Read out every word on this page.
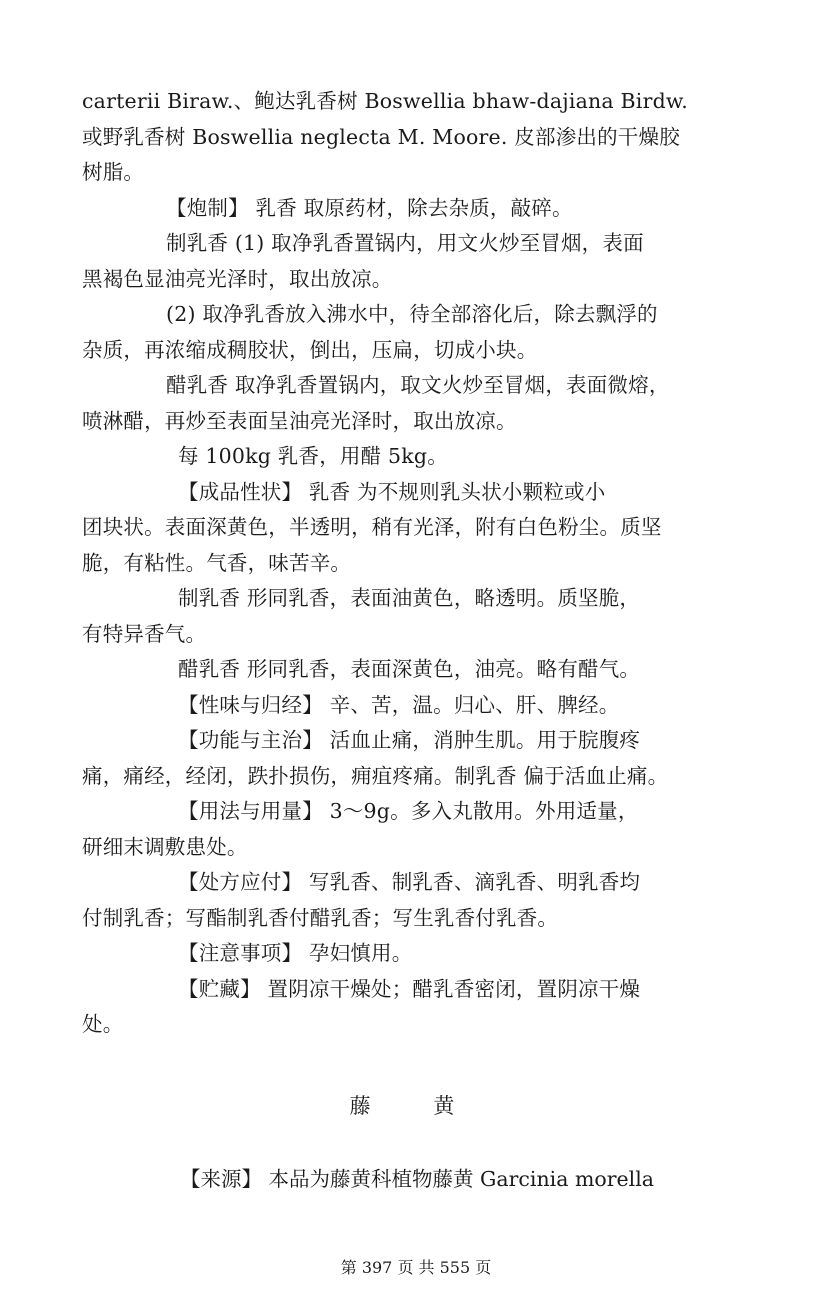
carterii Biraw.、鲍达乳香树 Boswellia bhaw-dajiana Birdw.
或野乳香树 Boswellia neglecta M. Moore. 皮部渗出的干燥胶
树脂。
【炮制】 乳香 取原药材，除去杂质，敲碎。
制乳香 (1) 取净乳香置锅内，用文火炒至冒烟，表面
黑褐色显油亮光泽时，取出放凉。
(2) 取净乳香放入沸水中，待全部溶化后，除去飘浮的
杂质，再浓缩成稠胶状，倒出，压扁，切成小块。
醋乳香 取净乳香置锅内，取文火炒至冒烟，表面微熔，
喷淋醋，再炒至表面呈油亮光泽时，取出放凉。
每 100kg 乳香，用醋 5kg。
【成品性状】 乳香 为不规则乳头状小颗粒或小
团块状。表面深黄色，半透明，稍有光泽，附有白色粉尘。质坚
脆，有粘性。气香，味苦辛。
制乳香 形同乳香，表面油黄色，略透明。质坚脆，
有特异香气。
醋乳香 形同乳香，表面深黄色，油亮。略有醋气。
【性味与归经】 辛、苦，温。归心、肝、脾经。
【功能与主治】 活血止痛，消肿生肌。用于脘腹疼
痛，痛经，经闭，跌扑损伤，痈疽疼痛。制乳香 偏于活血止痛。
【用法与用量】 3～9g。多入丸散用。外用适量，
研细末调敷患处。
【处方应付】 写乳香、制乳香、滴乳香、明乳香均
付制乳香；写酯制乳香付醋乳香；写生乳香付乳香。
【注意事项】 孕妇慎用。
【贮藏】 置阴凉干燥处；醋乳香密闭，置阴凉干燥
处。
藤 黄
【来源】 本品为藤黄科植物藤黄 Garcinia morella
第 397 页 共 555 页
